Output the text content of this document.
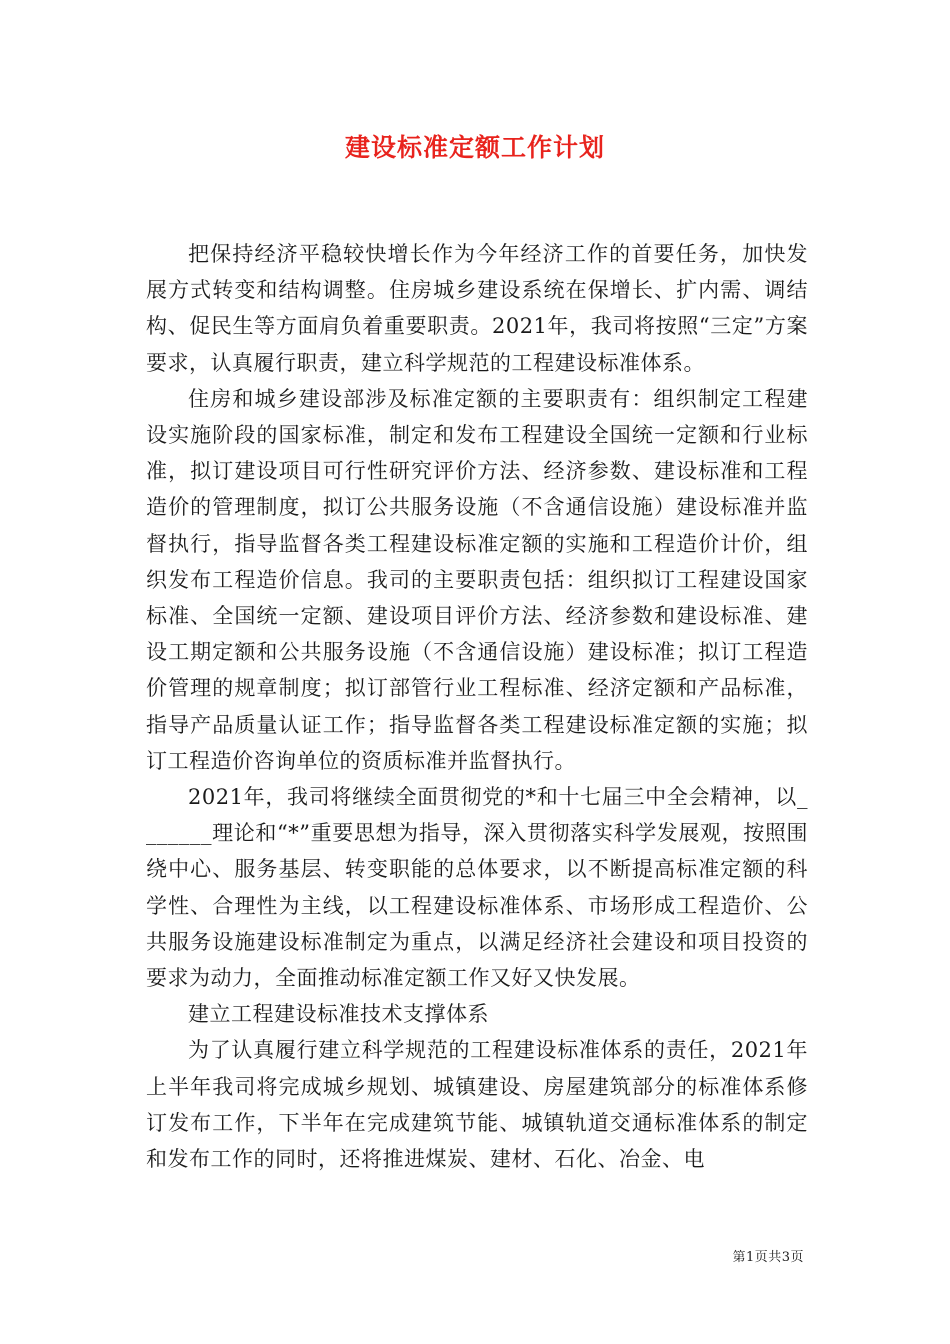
建设标准定额工作计划

把保持经济平稳较快增长作为今年经济工作的首要任务，加快发展方式转变和结构调整。住房城乡建设系统在保增长、扩内需、调结构、促民生等方面肩负着重要职责。2021年，我司将按照“三定”方案要求，认真履行职责，建立科学规范的工程建设标准体系。

住房和城乡建设部涉及标准定额的主要职责有：组织制定工程建设实施阶段的国家标准，制定和发布工程建设全国统一定额和行业标准，拟订建设项目可行性研究评价方法、经济参数、建设标准和工程造价的管理制度，拟订公共服务设施（不含通信设施）建设标准并监督执行，指导监督各类工程建设标准定额的实施和工程造价计价，组织发布工程造价信息。我司的主要职责包括：组织拟订工程建设国家标准、全国统一定额、建设项目评价方法、经济参数和建设标准、建设工期定额和公共服务设施（不含通信设施）建设标准；拟订工程造价管理的规章制度；拟订部管行业工程标准、经济定额和产品标准，指导产品质量认证工作；指导监督各类工程建设标准定额的实施；拟订工程造价咨询单位的资质标准并监督执行。

2021年，我司将继续全面贯彻党的*和十七届三中全会精神，以_______理论和“*”重要思想为指导，深入贯彻落实科学发展观，按照围绕中心、服务基层、转变职能的总体要求，以不断提高标准定额的科学性、合理性为主线，以工程建设标准体系、市场形成工程造价、公共服务设施建设标准制定为重点，以满足经济社会建设和项目投资的要求为动力，全面推动标准定额工作又好又快发展。

建立工程建设标准技术支撑体系

为了认真履行建立科学规范的工程建设标准体系的责任，2021年上半年我司将完成城乡规划、城镇建设、房屋建筑部分的标准体系修订发布工作，下半年在完成建筑节能、城镇轨道交通标准体系的制定和发布工作的同时，还将推进煤炭、建材、石化、冶金、电

第1页共3页
